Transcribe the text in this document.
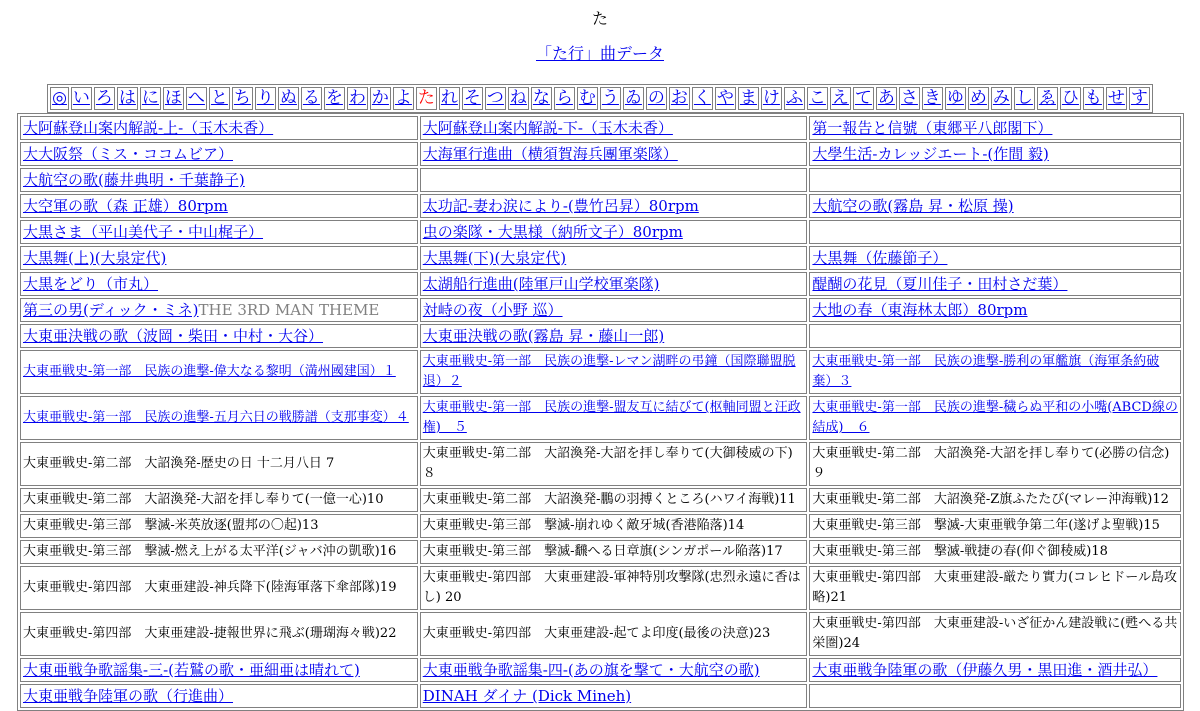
た
「た行」曲データ
◎	い	ろ	は	に	ほ	へ	と	ち	り	ぬ	る	を	わ	か	よ	た	れ	そ	つ	ね	な	ら	む	う	ゐ	の	お	く	や	ま	け	ふ	こ	え	て	あ	さ	き	ゆ	め	み	し	ゑ	ひ	も	せ	す
大阿蘇登山案内解説-上-（玉木未香）	大阿蘇登山案内解説-下-（玉木未香）	第一報告と信號（東郷平八郎閣下）
大大阪祭（ミス・ココムビア）	大海軍行進曲（横須賀海兵團軍楽隊）	大學生活-カレッジエート-(作間 毅)
大航空の歌(藤井典明・千葉静子)		
大空軍の歌（森 正雄）80rpm	太功記-妻わ涙により-(豊竹呂昇）80rpm	大航空の歌(霧島 昇・松原 操)
大黒さま（平山美代子・中山梶子）	虫の楽隊・大黒様（納所文子）80rpm	
大黒舞(上)(大泉定代)	大黒舞(下)(大泉定代)	大黒舞（佐藤節子）
大黒をどり（市丸）	太湖船行進曲(陸軍戸山学校軍楽隊)	醍醐の花見（夏川佳子・田村さだ葉）
第三の男(ディック・ミネ)THE 3RD MAN THEME	対峙の夜（小野 巡）	大地の春（東海林太郎）80rpm
大東亜決戦の歌（波岡・柴田・中村・大谷）	大東亜決戦の歌(霧島 昇・藤山一郎)	
大東亜戦史-第一部　民族の進撃-偉大なる黎明（満州國建国）１	大東亜戦史-第一部　民族の進撃-レマン湖畔の弔鐘（国際聯盟脱退）２	大東亜戦史-第一部　民族の進撃-勝利の軍艦旗（海軍条約破棄）３
大東亜戦史-第一部　民族の進撃-五月六日の戦勝譜（支那事変）４	大東亜戦史-第一部　民族の進撃-盟友互に結びて(枢軸同盟と汪政権)　５	大東亜戦史-第一部　民族の進撃-穢らぬ平和の小嘴(ABCD線の結成)　６
大東亜戦史-第二部　大詔渙発-歴史の日 十二月八日 7	大東亜戦史-第二部　大詔渙発-大詔を拝し奉りて(大御稜威の下) ８	大東亜戦史-第二部　大詔渙発-大詔を拝し奉りて(必勝の信念) ９
大東亜戦史-第二部　大詔渙発-大詔を拝し奉りて(一億一心)10	大東亜戦史-第二部　大詔渙発-鵬の羽搏くところ(ハワイ海戦)11	大東亜戦史-第二部　大詔渙発-Z旗ふたたび(マレー沖海戦)12
大東亜戦史-第三部　撃滅-米英放逐(盟邦の〇起)13	大東亜戦史-第三部　撃滅-崩れゆく敵牙城(香港陥落)14	大東亜戦史-第三部　撃滅-大東亜戦争第二年(遂げよ聖戦)15
大東亜戦史-第三部　撃滅-燃え上がる太平洋(ジャバ沖の凱歌)16	大東亜戦史-第三部　撃滅-飜へる日章旗(シンガポール陥落)17	大東亜戦史-第三部　撃滅-戦捷の春(仰ぐ御稜威)18
大東亜戦史-第四部　大東亜建設-神兵降下(陸海軍落下傘部隊)19	大東亜戦史-第四部　大東亜建設-軍神特別攻撃隊(忠烈永遠に香はし) 20	大東亜戦史-第四部　大東亜建設-厳たり實力(コレヒドール島攻略)21
大東亜戦史-第四部　大東亜建設-捷報世界に飛ぶ(珊瑚海々戦)22	大東亜戦史-第四部　大東亜建設-起てよ印度(最後の決意)23	大東亜戦史-第四部　大東亜建設-いざ征かん建設戦に(甦へる共栄圏)24
大東亜戦争歌謡集-三-(若鷲の歌・亜細亜は晴れて)	大東亜戦争歌謡集-四-(あの旗を撃て・大航空の歌)	大東亜戦争陸軍の歌（伊藤久男・黒田進・酒井弘）
大東亜戦争陸軍の歌（行進曲）	DINAH ダイナ (Dick Mineh)	
